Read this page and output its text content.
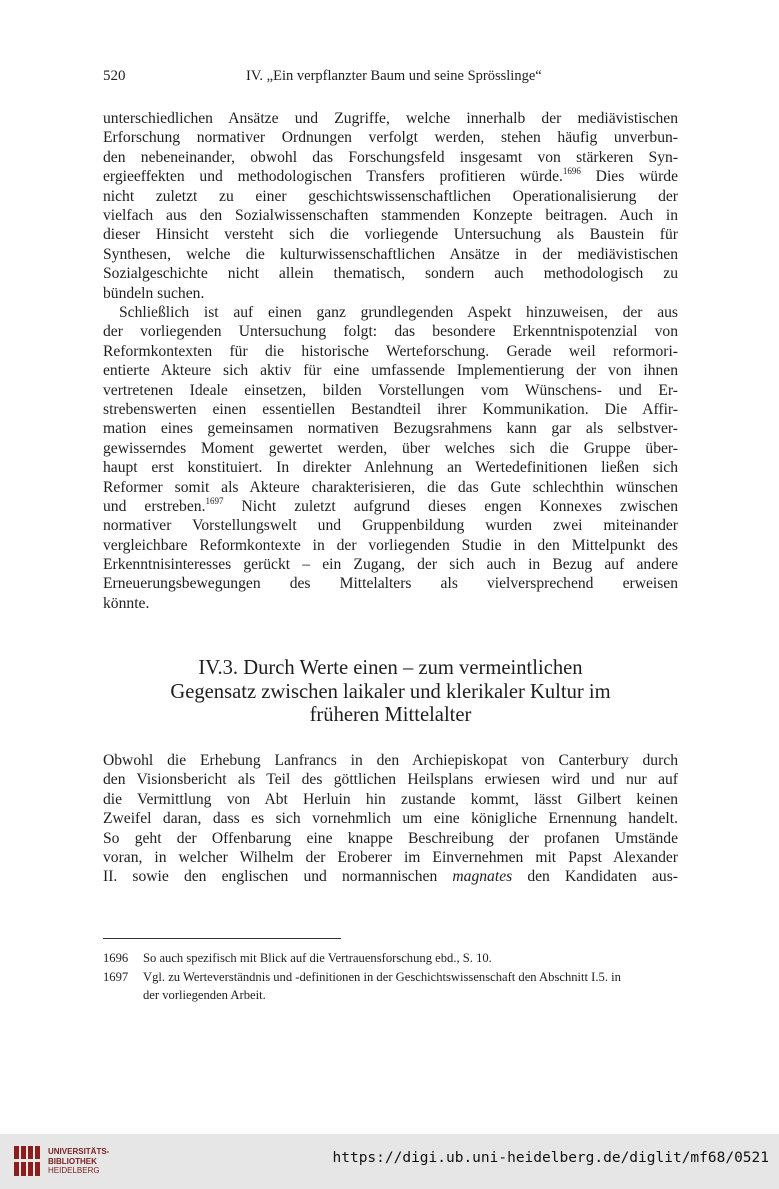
520	IV. „Ein verpflanzter Baum und seine Sprösslinge“
unterschiedlichen Ansätze und Zugriffe, welche innerhalb der mediävistischen
Erforschung normativer Ordnungen verfolgt werden, stehen häufig unverbun-
den nebeneinander, obwohl das Forschungsfeld insgesamt von stärkeren Syn-
ergieeffekten und methodologischen Transfers profitieren würde.$^{1696}$ Dies würde
nicht zuletzt zu einer geschichtswissenschaftlichen Operationalisierung der
vielfach aus den Sozialwissenschaften stammenden Konzepte beitragen. Auch in
dieser Hinsicht versteht sich die vorliegende Untersuchung als Baustein für
Synthesen, welche die kulturwissenschaftlichen Ansätze in der mediävistischen
Sozialgeschichte nicht allein thematisch, sondern auch methodologisch zu
bündeln suchen.
Schließlich ist auf einen ganz grundlegenden Aspekt hinzuweisen, der aus
der vorliegenden Untersuchung folgt: das besondere Erkenntnispotenzial von
Reformkontexten für die historische Werteforschung. Gerade weil reformori-
entierte Akteure sich aktiv für eine umfassende Implementierung der von ihnen
vertretenen Ideale einsetzen, bilden Vorstellungen vom Wünschens- und Er-
strebenswerten einen essentiellen Bestandteil ihrer Kommunikation. Die Affir-
mation eines gemeinsamen normativen Bezugsrahmens kann gar als selbstver-
gewisserndes Moment gewertet werden, über welches sich die Gruppe über-
haupt erst konstituiert. In direkter Anlehnung an Wertedefinitionen ließen sich
Reformer somit als Akteure charakterisieren, die das Gute schlechthin wünschen
und erstreben.$^{1697}$ Nicht zuletzt aufgrund dieses engen Konnexes zwischen
normativer Vorstellungswelt und Gruppenbildung wurden zwei miteinander
vergleichbare Reformkontexte in der vorliegenden Studie in den Mittelpunkt des
Erkenntnisinteresses gerückt – ein Zugang, der sich auch in Bezug auf andere
Erneuerungsbewegungen des Mittelalters als vielversprechend erweisen
könnte.
IV.3. Durch Werte einen – zum vermeintlichen
Gegensatz zwischen laikaler und klerikaler Kultur im
früheren Mittelalter
Obwohl die Erhebung Lanfrancs in den Archiepiskopat von Canterbury durch
den Visionsbericht als Teil des göttlichen Heilsplans erwiesen wird und nur auf
die Vermittlung von Abt Herluin hin zustande kommt, lässt Gilbert keinen
Zweifel daran, dass es sich vornehmlich um eine königliche Ernennung handelt.
So geht der Offenbarung eine knappe Beschreibung der profanen Umstände
voran, in welcher Wilhelm der Eroberer im Einvernehmen mit Papst Alexander
II. sowie den englischen und normannischen magnates den Kandidaten aus-
1696 So auch spezifisch mit Blick auf die Vertrauensforschung ebd., S. 10.
1697 Vgl. zu Werteverständnis und -definitionen in der Geschichtswissenschaft den Abschnitt I.5. in
der vorliegenden Arbeit.
UNIVERSITÄTS-
BIBLIOTHEK
HEIDELBERG
https://digi.ub.uni-heidelberg.de/diglit/mf68/0521
